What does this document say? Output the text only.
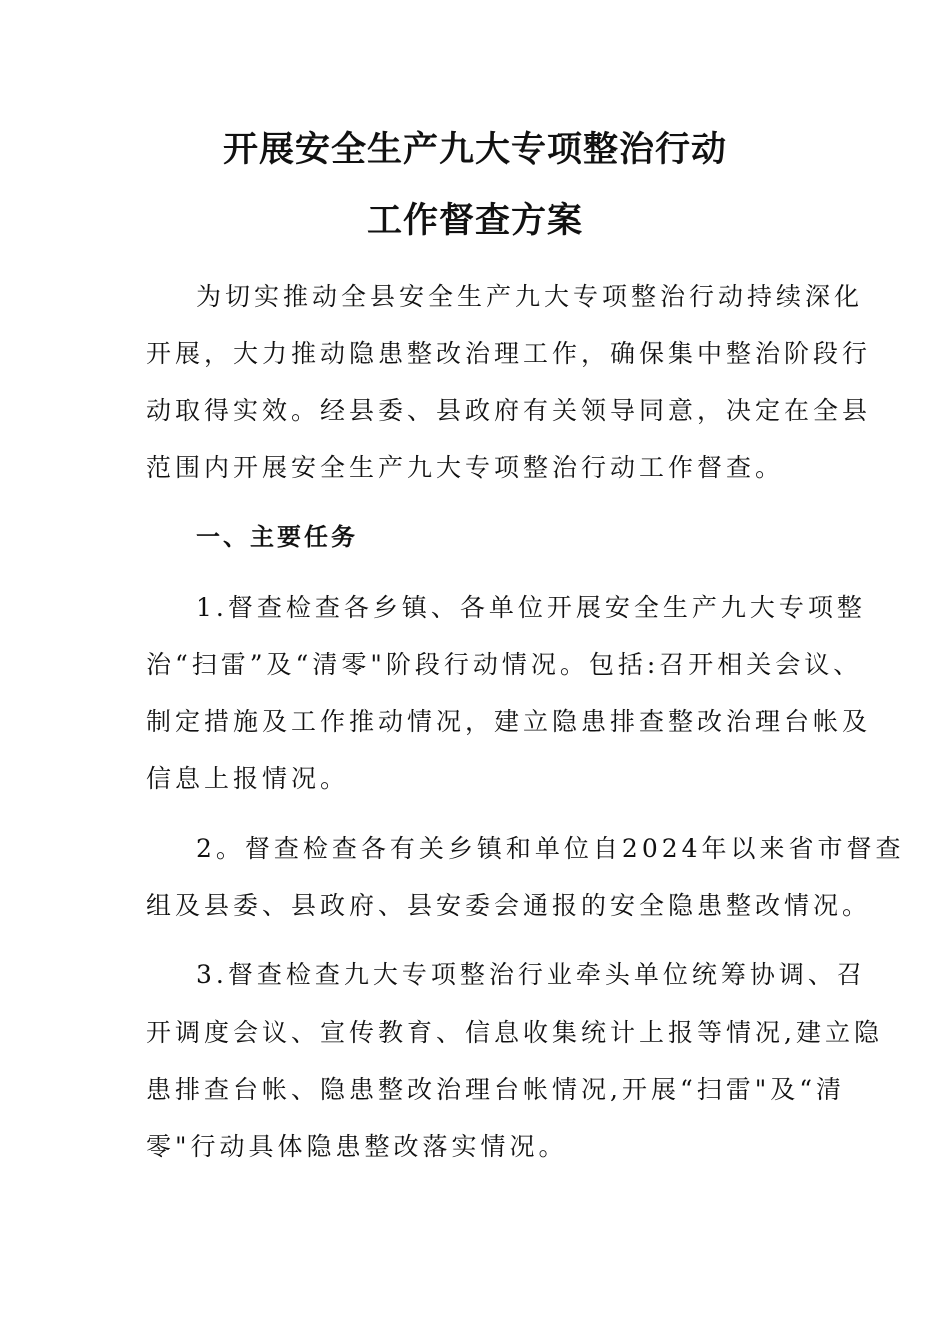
开展安全生产九大专项整治行动
工作督查方案
为切实推动全县安全生产九大专项整治行动持续深化
开展，大力推动隐患整改治理工作，确保集中整治阶段行
动取得实效。经县委、县政府有关领导同意，决定在全县
范围内开展安全生产九大专项整治行动工作督查。
一、主要任务
1.督查检查各乡镇、各单位开展安全生产九大专项整
治“扫雷”及“清零"阶段行动情况。包括:召开相关会议、
制定措施及工作推动情况，建立隐患排查整改治理台帐及
信息上报情况。
2。督查检查各有关乡镇和单位自2024年以来省市督查
组及县委、县政府、县安委会通报的安全隐患整改情况。
3.督查检查九大专项整治行业牵头单位统筹协调、召
开调度会议、宣传教育、信息收集统计上报等情况,建立隐
患排查台帐、隐患整改治理台帐情况,开展“扫雷"及“清
零"行动具体隐患整改落实情况。
